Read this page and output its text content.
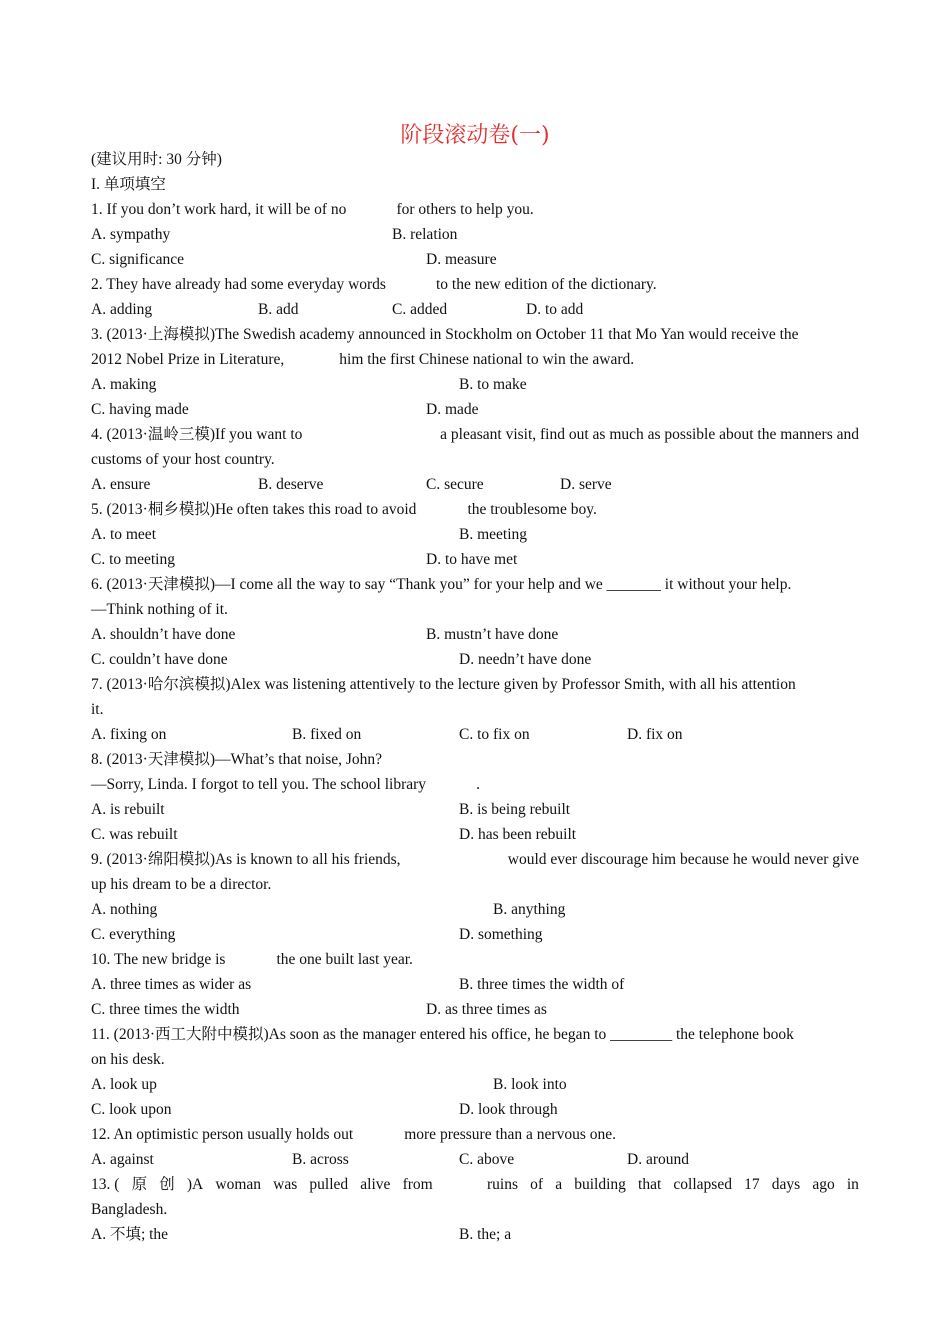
阶段滚动卷(一)
(建议用时: 30 分钟)
I. 单项填空
1. If you don’t work hard, it will be of no	for others to help you.
A. sympathy	B. relation
C. significance	D. measure
2. They have already had some everyday words	to the new edition of the dictionary.
A. adding	B. add	C. added	D. to add
3. (2013·上海模拟)The Swedish academy announced in Stockholm on October 11 that Mo Yan would receive the
2012 Nobel Prize in Literature,	him the first Chinese national to win the award.
A. making	B. to make
C. having made	D. made
4. (2013·温岭三模)If you want to	a pleasant visit, find out as much as possible about the manners and
customs of your host country.
A. ensure	B. deserve	C. secure	D. serve
5. (2013·桐乡模拟)He often takes this road to avoid	the troublesome boy.
A. to meet	B. meeting
C. to meeting	D. to have met
6. (2013·天津模拟)—I come all the way to say “Thank you” for your help and we _______ it without your help.
—Think nothing of it.
A. shouldn’t have done	B. mustn’t have done
C. couldn’t have done	D. needn’t have done
7. (2013·哈尔滨模拟)Alex was listening attentively to the lecture given by Professor Smith, with all his attention
it.
A. fixing on	B. fixed on	C. to fix on	D. fix on
8. (2013·天津模拟)—What’s that noise, John?
—Sorry, Linda. I forgot to tell you. The school library	.
A. is rebuilt	B. is being rebuilt
C. was rebuilt	D. has been rebuilt
9. (2013·绵阳模拟)As is known to all his friends,	would ever discourage him because he would never give
up his dream to be a director.
A. nothing	B. anything
C. everything	D. something
10. The new bridge is	the one built last year.
A. three times as wider as	B. three times the width of
C. three times the width	D. as three times as
11. (2013·西工大附中模拟)As soon as the manager entered his office, he began to ________ the telephone book
on his desk.
A. look up	B. look into
C. look upon	D. look through
12. An optimistic person usually holds out	more pressure than a nervous one.
A. against	B. across	C. above	D. around
13. ( 原 创 )A woman was pulled alive from	ruins of a building that collapsed 17 days ago in
Bangladesh.
A. 不填; the	B. the; a
